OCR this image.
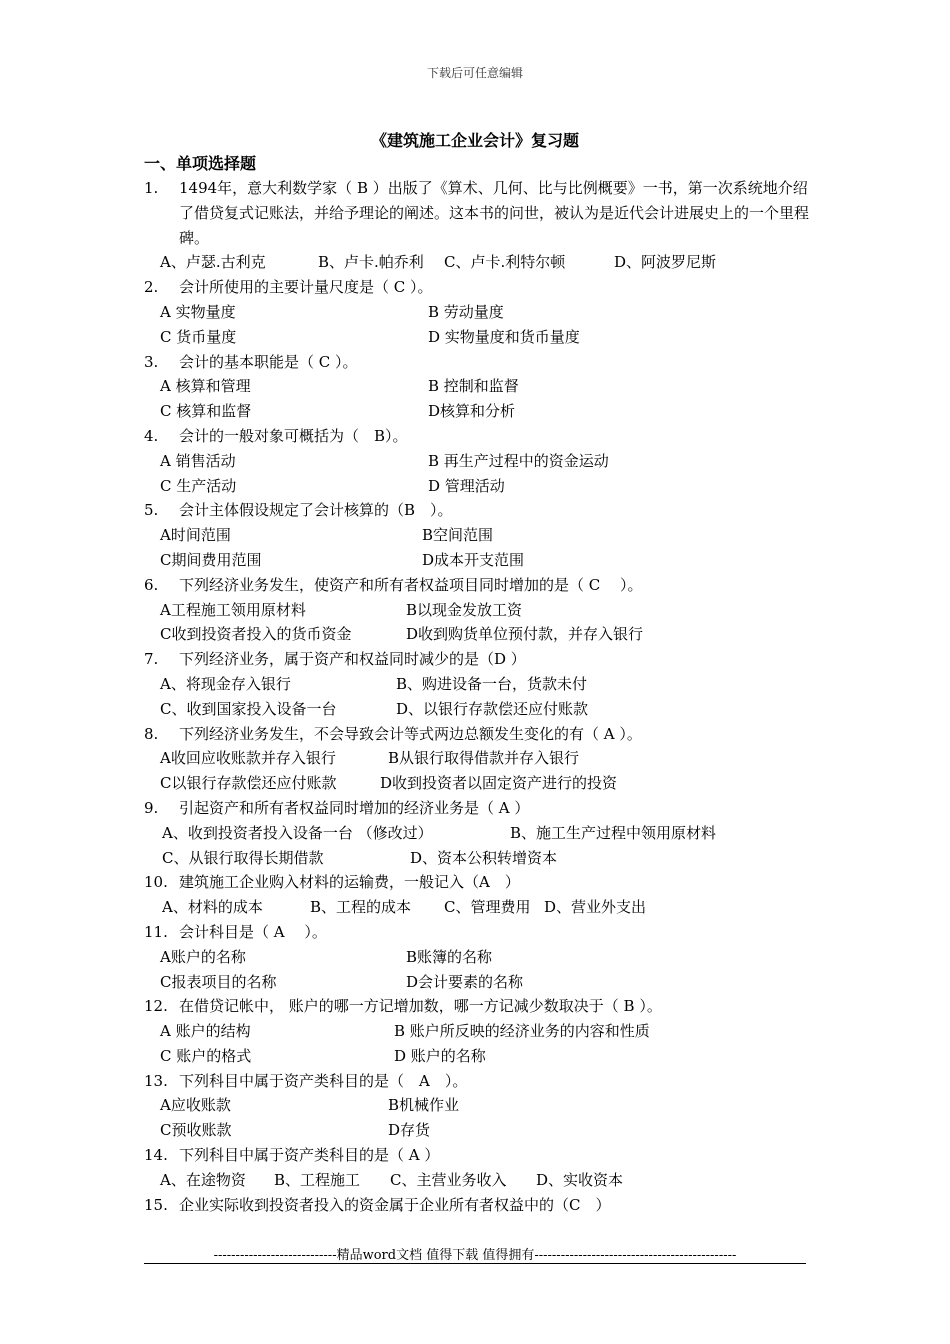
下载后可任意编辑
《建筑施工企业会计》复习题
一、单项选择题
1.	1494年，意大利数学家（ B ）出版了《算术、几何、比与比例概要》一书，第一次系统地介绍了借贷复式记账法，并给予理论的阐述。这本书的问世，被认为是近代会计进展史上的一个里程碑。
A、卢瑟.古利克	B、卢卡.帕乔利 C、卢卡.利特尔顿	D、阿波罗尼斯
2.	会计所使用的主要计量尺度是（ C ）。
A 实物量度	B 劳动量度
C 货币量度	D 实物量度和货币量度
3.	会计的基本职能是（ C ）。
A 核算和管理	B 控制和监督
C 核算和监督	D核算和分析
4.	会计的一般对象可概括为（　B）。
A 销售活动	B 再生产过程中的资金运动
C 生产活动	D 管理活动
5.	会计主体假设规定了会计核算的（B　）。
A时间范围	B空间范围
C期间费用范围	D成本开支范围
6.	下列经济业务发生，使资产和所有者权益项目同时增加的是（ C　 ）。
A工程施工领用原材料	B以现金发放工资
C收到投资者投入的货币资金	D收到购货单位预付款，并存入银行
7.	下列经济业务，属于资产和权益同时减少的是（D ）
A、将现金存入银行	B、购进设备一台，货款未付
C、收到国家投入设备一台	D、以银行存款偿还应付账款
8.	下列经济业务发生，不会导致会计等式两边总额发生变化的有（ A ）。
A收回应收账款并存入银行	B从银行取得借款并存入银行
C以银行存款偿还应付账款	D收到投资者以固定资产进行的投资
9.	引起资产和所有者权益同时增加的经济业务是（ A ）
A、收到投资者投入设备一台 （修改过）	B、施工生产过程中领用原材料
C、从银行取得长期借款	D、资本公积转增资本
10. 建筑施工企业购入材料的运输费，一般记入（A　）
A、材料的成本	B、工程的成本 C、管理费用 D、营业外支出
11. 会计科目是（ A　 ）。
A账户的名称	B账簿的名称
C报表项目的名称	D会计要素的名称
12. 在借贷记帐中， 账户的哪一方记增加数，哪一方记减少数取决于（ B ）。
A 账户的结构	B 账户所反映的经济业务的内容和性质
C 账户的格式	D 账户的名称
13. 下列科目中属于资产类科目的是（　A　）。
A应收账款	B机械作业
C预收账款	D存货
14. 下列科目中属于资产类科目的是（ A ）
A、在途物资 B、工程施工 C、主营业务收入 D、实收资本
15. 企业实际收到投资者投入的资金属于企业所有者权益中的（C　）
----------------------------精品word文档 值得下载 值得拥有----------------------------------------------
